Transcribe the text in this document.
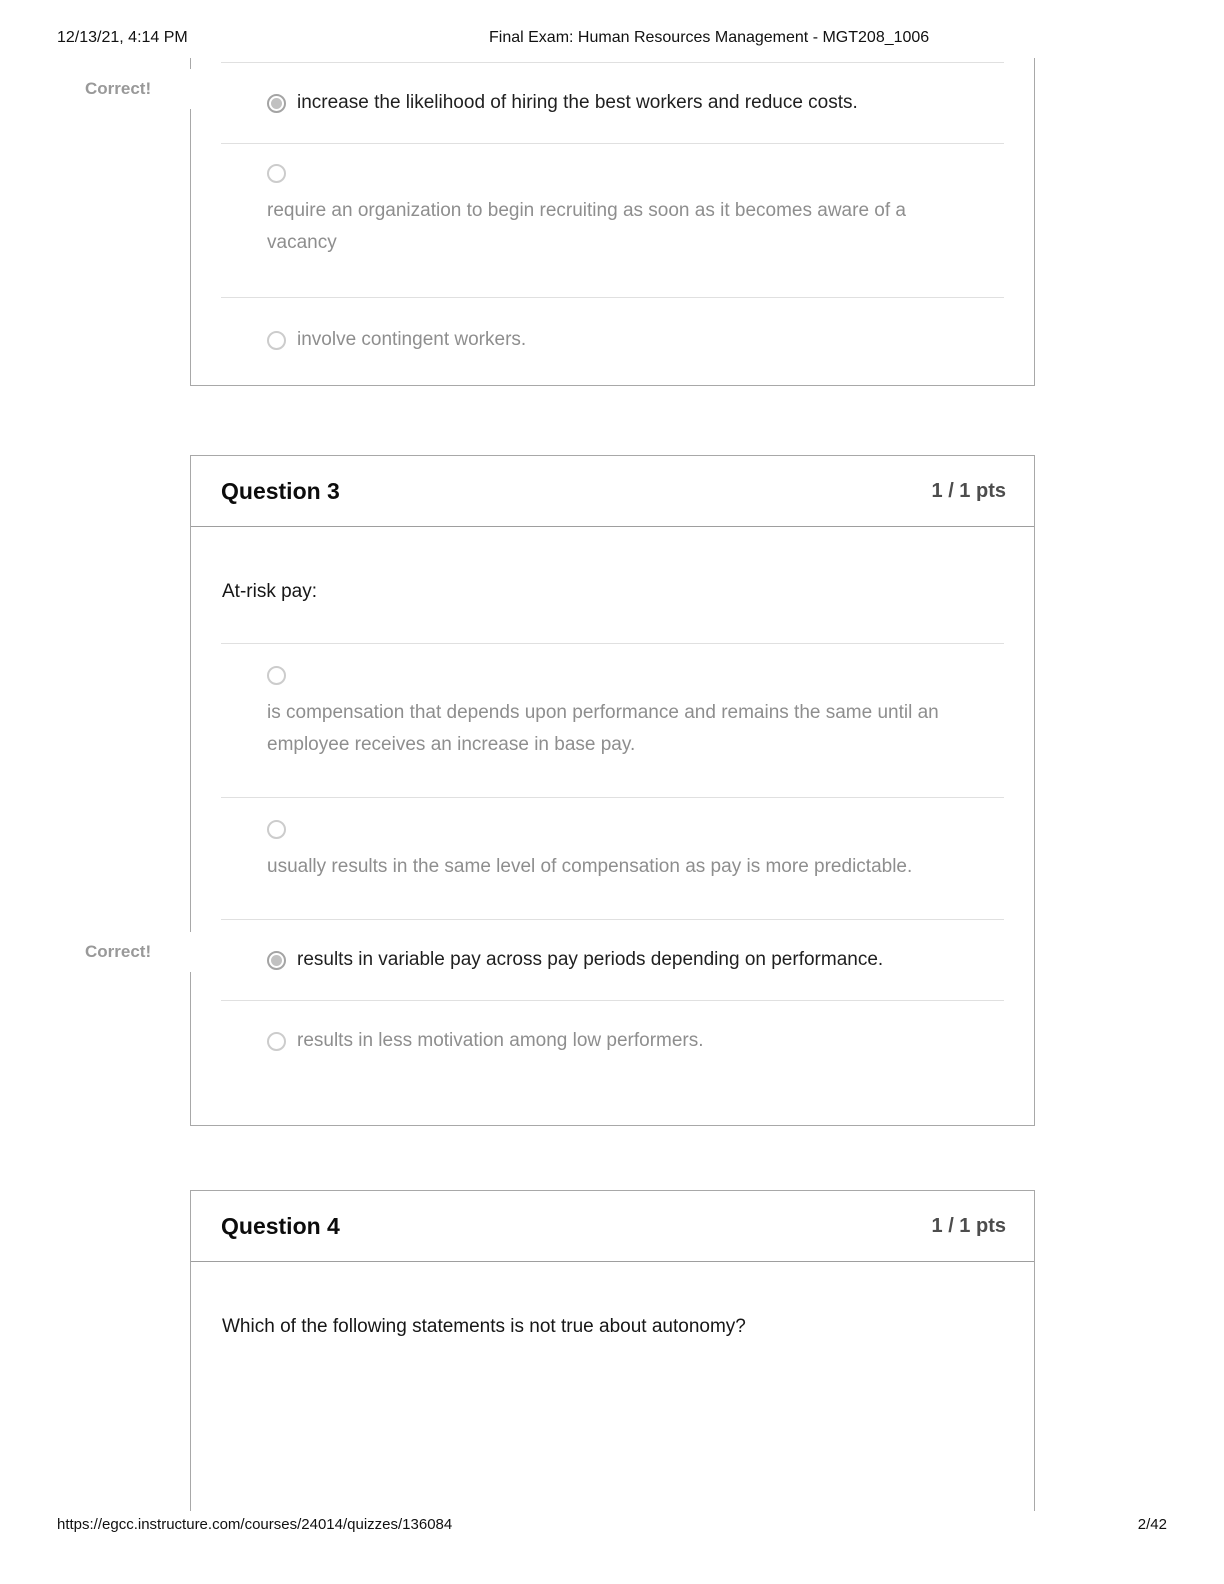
12/13/21, 4:14 PM	Final Exam: Human Resources Management - MGT208_1006
Correct!
increase the likelihood of hiring the best workers and reduce costs.
require an organization to begin recruiting as soon as it becomes aware of a vacancy
involve contingent workers.
Question 3	1 / 1 pts
At-risk pay:
is compensation that depends upon performance and remains the same until an employee receives an increase in base pay.
usually results in the same level of compensation as pay is more predictable.
Correct!	results in variable pay across pay periods depending on performance.
results in less motivation among low performers.
Question 4	1 / 1 pts
Which of the following statements is not true about autonomy?
https://egcc.instructure.com/courses/24014/quizzes/136084	2/42
